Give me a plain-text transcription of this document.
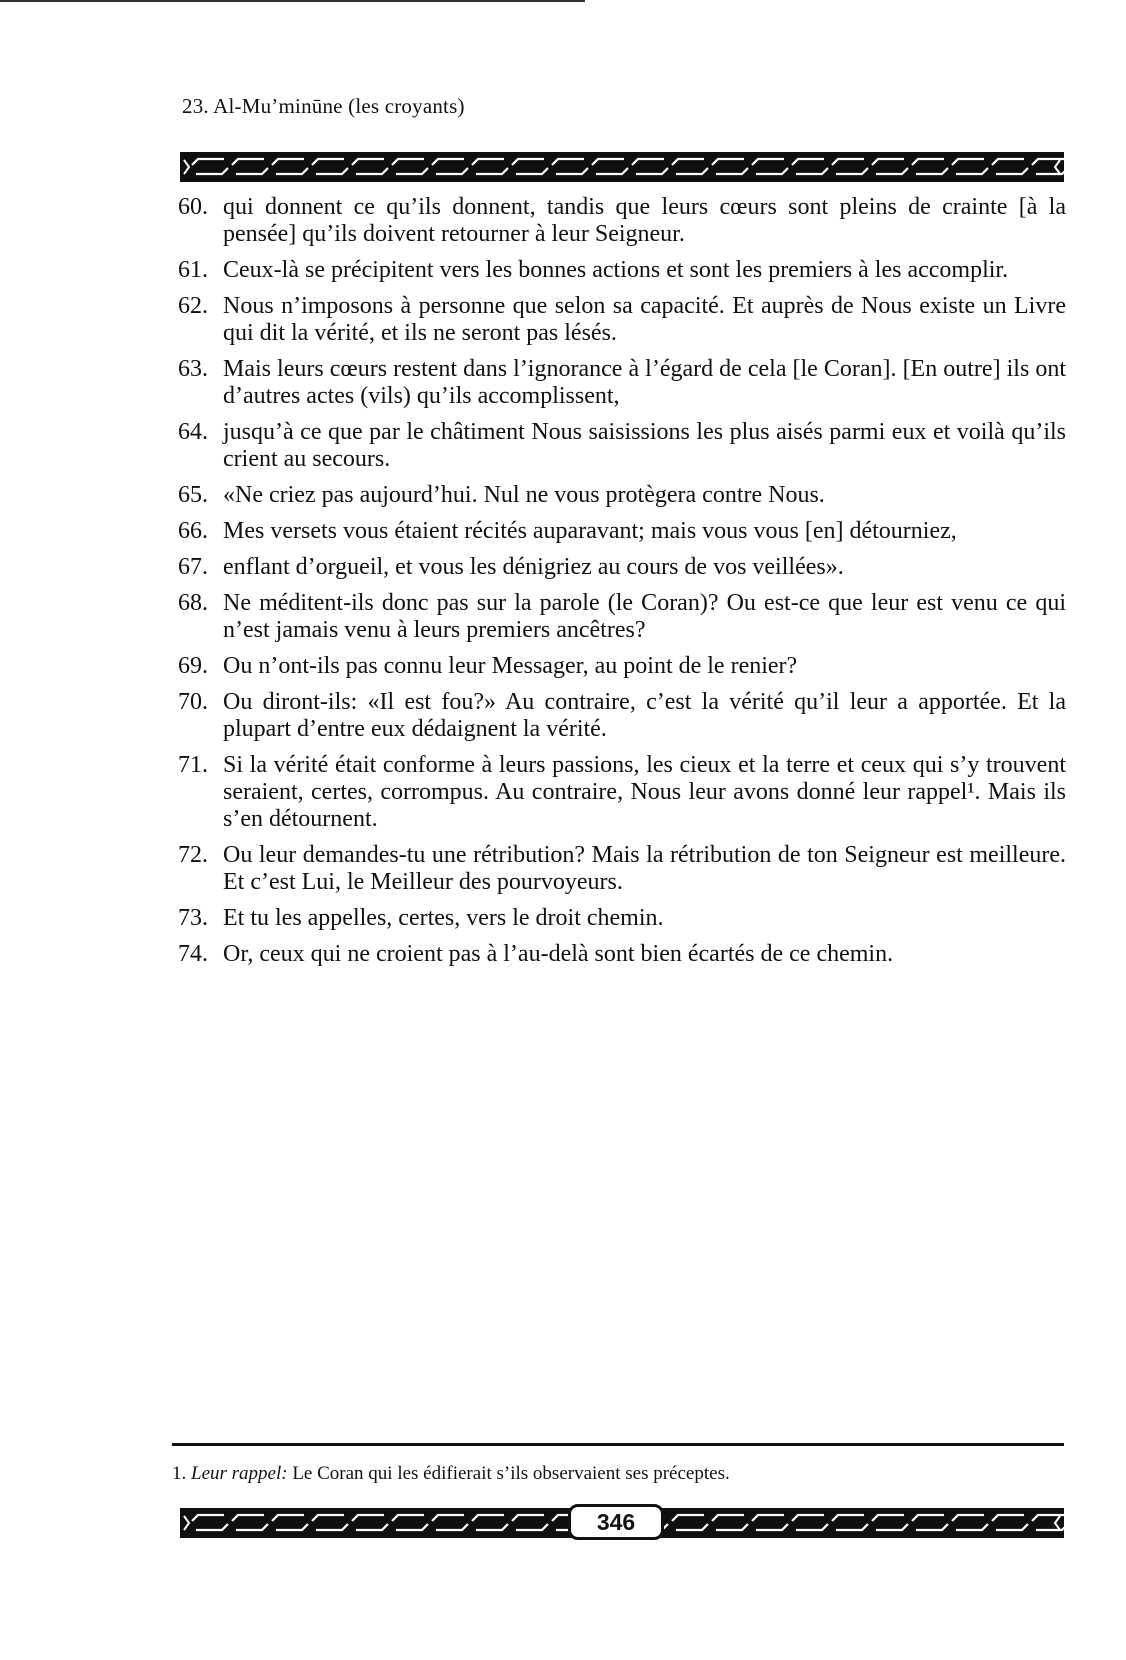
23. Al-Mu’minūne (les croyants)
60. qui donnent ce qu’ils donnent, tandis que leurs cœurs sont pleins de crainte [à la pensée] qu’ils doivent retourner à leur Seigneur.
61. Ceux-là se précipitent vers les bonnes actions et sont les premiers à les accomplir.
62. Nous n’imposons à personne que selon sa capacité. Et auprès de Nous existe un Livre qui dit la vérité, et ils ne seront pas lésés.
63. Mais leurs cœurs restent dans l’ignorance à l’égard de cela [le Coran]. [En outre] ils ont d’autres actes (vils) qu’ils accomplissent,
64. jusqu’à ce que par le châtiment Nous saisissions les plus aisés parmi eux et voilà qu’ils crient au secours.
65. «Ne criez pas aujourd’hui. Nul ne vous protègera contre Nous.
66. Mes versets vous étaient récités auparavant; mais vous vous [en] détourniez,
67. enflant d’orgueil, et vous les dénigriez au cours de vos veillées».
68. Ne méditent-ils donc pas sur la parole (le Coran)? Ou est-ce que leur est venu ce qui n’est jamais venu à leurs premiers ancêtres?
69. Ou n’ont-ils pas connu leur Messager, au point de le renier?
70. Ou diront-ils: «Il est fou?» Au contraire, c’est la vérité qu’il leur a apportée. Et la plupart d’entre eux dédaignent la vérité.
71. Si la vérité était conforme à leurs passions, les cieux et la terre et ceux qui s’y trouvent seraient, certes, corrompus. Au contraire, Nous leur avons donné leur rappel¹. Mais ils s’en détournent.
72. Ou leur demandes-tu une rétribution? Mais la rétribution de ton Seigneur est meilleure. Et c’est Lui, le Meilleur des pourvoyeurs.
73. Et tu les appelles, certes, vers le droit chemin.
74. Or, ceux qui ne croient pas à l’au-delà sont bien écartés de ce chemin.
1. Leur rappel: Le Coran qui les édifierait s’ils observaient ses préceptes.
346
